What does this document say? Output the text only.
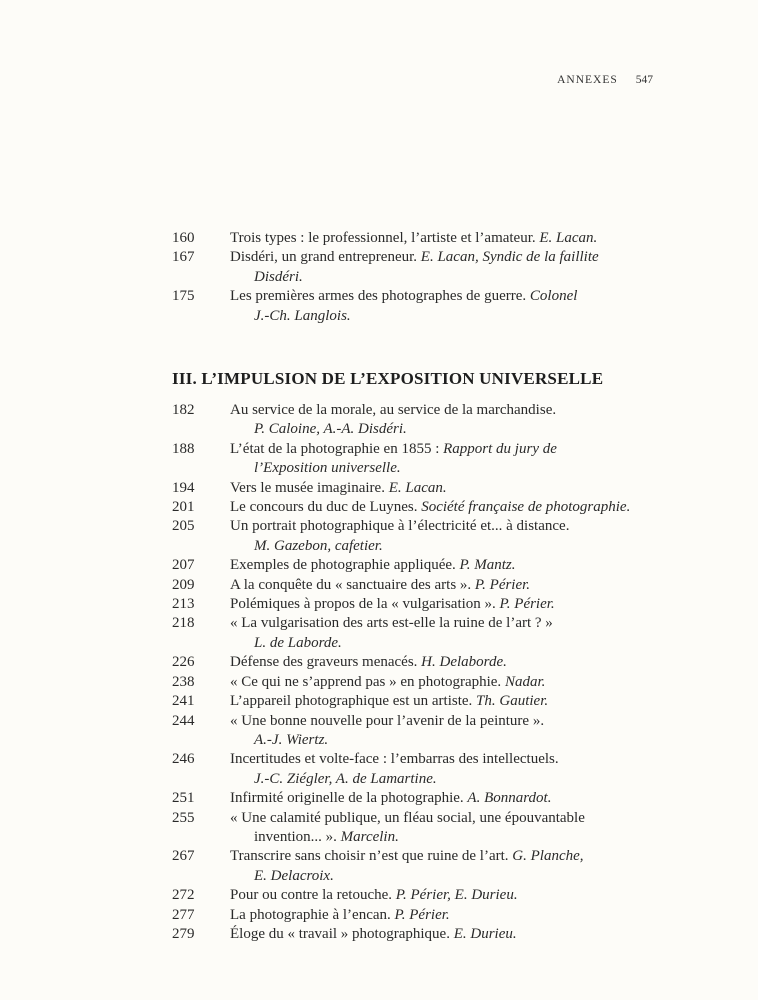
ANNEXES 547
160	Trois types : le professionnel, l’artiste et l’amateur. E. Lacan.
167	Disdéri, un grand entrepreneur. E. Lacan, Syndic de la faillite
Disdéri.
175	Les premières armes des photographes de guerre. Colonel
J.-Ch. Langlois.
III. L’IMPULSION DE L’EXPOSITION UNIVERSELLE
182	Au service de la morale, au service de la marchandise.
P. Caloine, A.-A. Disdéri.
188	L’état de la photographie en 1855 : Rapport du jury de
l’Exposition universelle.
194	Vers le musée imaginaire. E. Lacan.
201	Le concours du duc de Luynes. Société française de photographie.
205	Un portrait photographique à l’électricité et... à distance.
M. Gazebon, cafetier.
207	Exemples de photographie appliquée. P. Mantz.
209	A la conquête du « sanctuaire des arts ». P. Périer.
213	Polémiques à propos de la « vulgarisation ». P. Périer.
218	« La vulgarisation des arts est-elle la ruine de l’art ? »
L. de Laborde.
226	Défense des graveurs menacés. H. Delaborde.
238	« Ce qui ne s’apprend pas » en photographie. Nadar.
241	L’appareil photographique est un artiste. Th. Gautier.
244	« Une bonne nouvelle pour l’avenir de la peinture ».
A.-J. Wiertz.
246	Incertitudes et volte-face : l’embarras des intellectuels.
J.-C. Ziégler, A. de Lamartine.
251	Infirmité originelle de la photographie. A. Bonnardot.
255	« Une calamité publique, un fléau social, une épouvantable
invention... ». Marcelin.
267	Transcrire sans choisir n’est que ruine de l’art. G. Planche,
E. Delacroix.
272	Pour ou contre la retouche. P. Périer, E. Durieu.
277	La photographie à l’encan. P. Périer.
279	Éloge du « travail » photographique. E. Durieu.
